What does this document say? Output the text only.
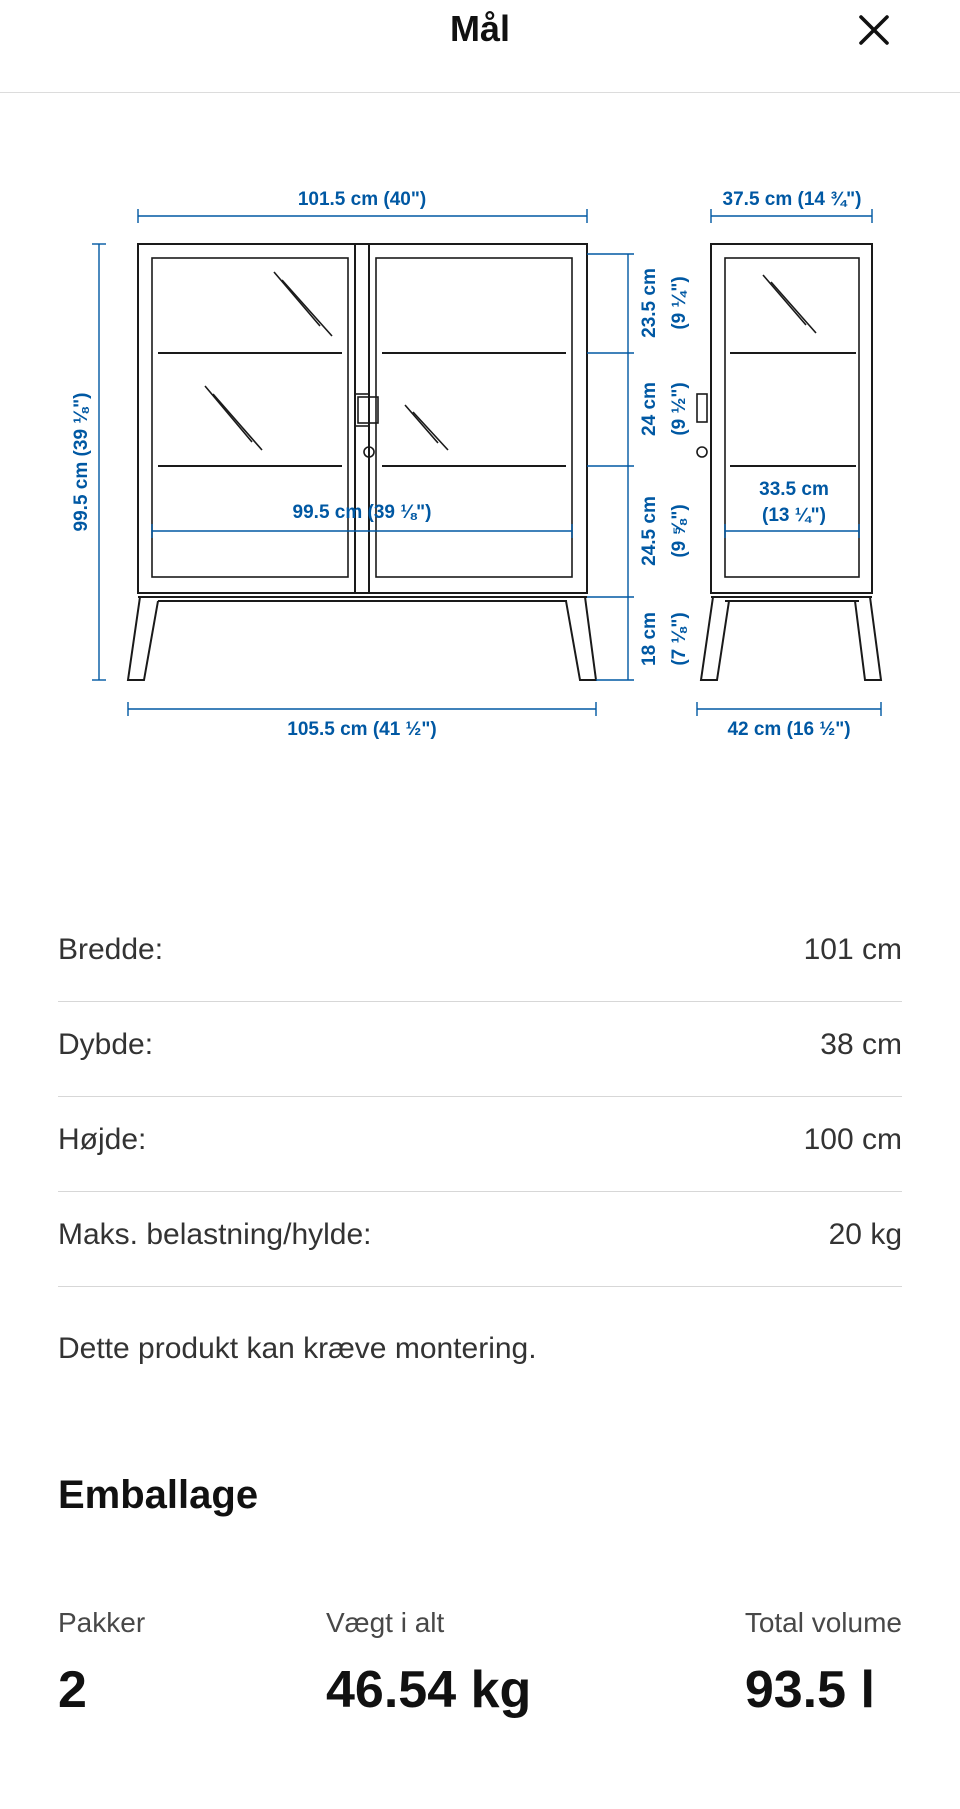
Mål
101.5 cm (40")
99.5 cm (39 ⅛")	99.5 cm (39 ⅛")
105.5 cm (41 ½")
23.5 cm (9 ¼")
24 cm (9 ½")
24.5 cm (9 ⅝")
18 cm (7 ⅛")
37.5 cm (14 ¾")
33.5 cm
(13 ¼")
42 cm (16 ½")
Bredde:	101 cm
Dybde:	38 cm
Højde:	100 cm
Maks. belastning/hylde:	20 kg
Dette produkt kan kræve montering.
Emballage
Pakker
2
Vægt i alt
46.54 kg
Total volume
93.5 l
